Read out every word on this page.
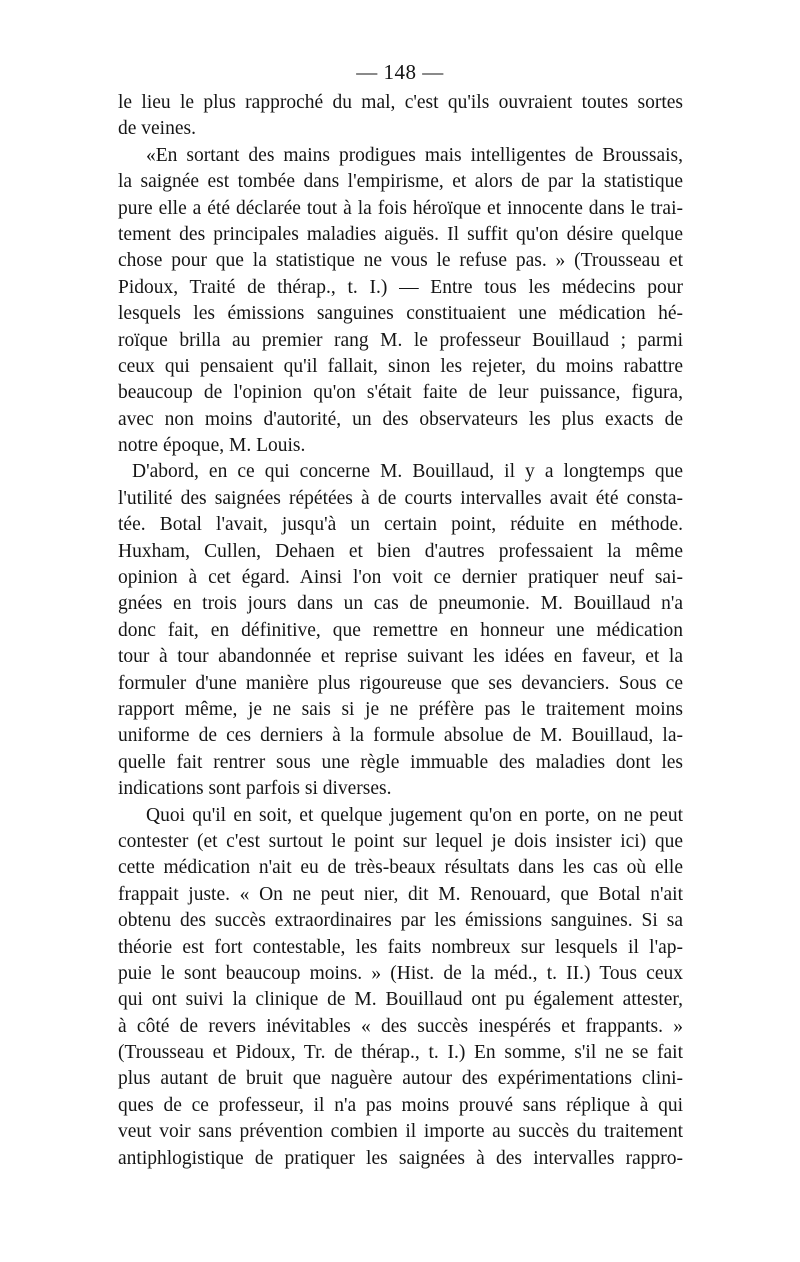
— 148 —
le lieu le plus rapproché du mal, c'est qu'ils ouvraient toutes sortes
de veines.
«En sortant des mains prodigues mais intelligentes de Broussais,
la saignée est tombée dans l'empirisme, et alors de par la statistique
pure elle a été déclarée tout à la fois héroïque et innocente dans le trai-
tement des principales maladies aiguës. Il suffit qu'on désire quelque
chose pour que la statistique ne vous le refuse pas. » (Trousseau et
Pidoux, Traité de thérap., t. I.) — Entre tous les médecins pour
lesquels les émissions sanguines constituaient une médication hé-
roïque brilla au premier rang M. le professeur Bouillaud ; parmi
ceux qui pensaient qu'il fallait, sinon les rejeter, du moins rabattre
beaucoup de l'opinion qu'on s'était faite de leur puissance, figura,
avec non moins d'autorité, un des observateurs les plus exacts de
notre époque, M. Louis.
D'abord, en ce qui concerne M. Bouillaud, il y a longtemps que
l'utilité des saignées répétées à de courts intervalles avait été consta-
tée. Botal l'avait, jusqu'à un certain point, réduite en méthode.
Huxham, Cullen, Dehaen et bien d'autres professaient la même
opinion à cet égard. Ainsi l'on voit ce dernier pratiquer neuf sai-
gnées en trois jours dans un cas de pneumonie. M. Bouillaud n'a
donc fait, en définitive, que remettre en honneur une médication
tour à tour abandonnée et reprise suivant les idées en faveur, et la
formuler d'une manière plus rigoureuse que ses devanciers. Sous ce
rapport même, je ne sais si je ne préfère pas le traitement moins
uniforme de ces derniers à la formule absolue de M. Bouillaud, la-
quelle fait rentrer sous une règle immuable des maladies dont les
indications sont parfois si diverses.
Quoi qu'il en soit, et quelque jugement qu'on en porte, on ne peut
contester (et c'est surtout le point sur lequel je dois insister ici) que
cette médication n'ait eu de très-beaux résultats dans les cas où elle
frappait juste. « On ne peut nier, dit M. Renouard, que Botal n'ait
obtenu des succès extraordinaires par les émissions sanguines. Si sa
théorie est fort contestable, les faits nombreux sur lesquels il l'ap-
puie le sont beaucoup moins. » (Hist. de la méd., t. II.) Tous ceux
qui ont suivi la clinique de M. Bouillaud ont pu également attester,
à côté de revers inévitables « des succès inespérés et frappants. »
(Trousseau et Pidoux, Tr. de thérap., t. I.) En somme, s'il ne se fait
plus autant de bruit que naguère autour des expérimentations clini-
ques de ce professeur, il n'a pas moins prouvé sans réplique à qui
veut voir sans prévention combien il importe au succès du traitement
antiphlogistique de pratiquer les saignées à des intervalles rappro-
